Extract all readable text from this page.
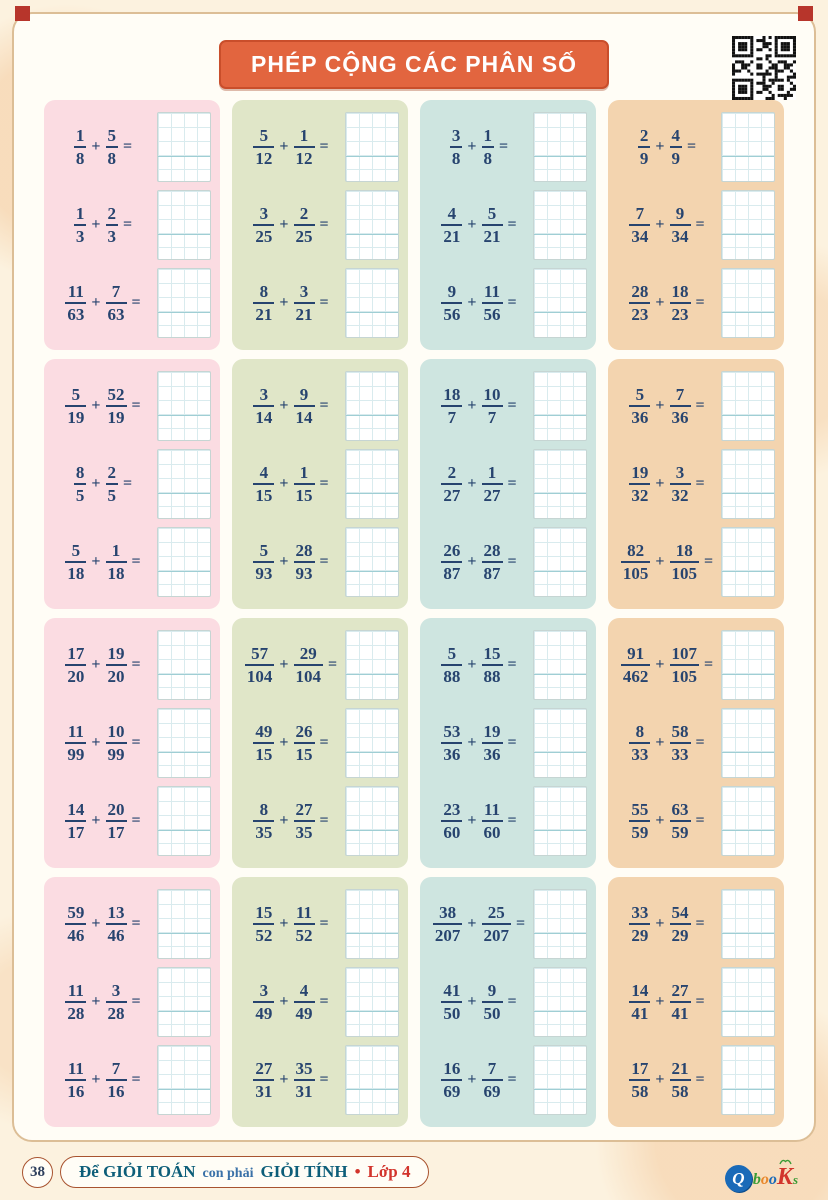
PHÉP CỘNG CÁC PHÂN SỐ
$\frac{1}{8} + \frac{5}{8}$ =
$\frac{1}{3} + \frac{2}{3}$ =
$\frac{11}{63} + \frac{7}{63}$ =
$\frac{5}{19} + \frac{52}{19}$ =
$\frac{8}{5} + \frac{2}{5}$ =
$\frac{5}{18} + \frac{1}{18}$ =
$\frac{17}{20} + \frac{19}{20}$ =
$\frac{11}{99} + \frac{10}{99}$ =
$\frac{14}{17} + \frac{20}{17}$ =
$\frac{59}{46} + \frac{13}{46}$ =
$\frac{11}{28} + \frac{3}{28}$ =
$\frac{11}{16} + \frac{7}{16}$ =
$\frac{5}{12} + \frac{1}{12}$ =
$\frac{3}{25} + \frac{2}{25}$ =
$\frac{8}{21} + \frac{3}{21}$ =
$\frac{3}{14} + \frac{9}{14}$ =
$\frac{4}{15} + \frac{1}{15}$ =
$\frac{5}{93} + \frac{28}{93}$ =
$\frac{57}{104} + \frac{29}{104}$ =
$\frac{49}{15} + \frac{26}{15}$ =
$\frac{8}{35} + \frac{27}{35}$ =
$\frac{15}{52} + \frac{11}{52}$ =
$\frac{3}{49} + \frac{4}{49}$ =
$\frac{27}{31} + \frac{35}{31}$ =
$\frac{3}{8} + \frac{1}{8}$ =
$\frac{4}{21} + \frac{5}{21}$ =
$\frac{9}{56} + \frac{11}{56}$ =
$\frac{18}{7} + \frac{10}{7}$ =
$\frac{2}{27} + \frac{1}{27}$ =
$\frac{26}{87} + \frac{28}{87}$ =
$\frac{5}{88} + \frac{15}{88}$ =
$\frac{53}{36} + \frac{19}{36}$ =
$\frac{23}{60} + \frac{11}{60}$ =
$\frac{38}{207} + \frac{25}{207}$ =
$\frac{41}{50} + \frac{9}{50}$ =
$\frac{16}{69} + \frac{7}{69}$ =
$\frac{2}{9} + \frac{4}{9}$ =
$\frac{7}{34} + \frac{9}{34}$ =
$\frac{28}{23} + \frac{18}{23}$ =
$\frac{5}{36} + \frac{7}{36}$ =
$\frac{19}{32} + \frac{3}{32}$ =
$\frac{82}{105} + \frac{18}{105}$ =
$\frac{91}{462} + \frac{107}{105}$ =
$\frac{8}{33} + \frac{58}{33}$ =
$\frac{55}{59} + \frac{63}{59}$ =
$\frac{33}{29} + \frac{54}{29}$ =
$\frac{14}{41} + \frac{27}{41}$ =
$\frac{17}{58} + \frac{21}{58}$ =
38	Để GIỎI TOÁN con phải GIỎI TÍNH • Lớp 4	Q b o o K s
